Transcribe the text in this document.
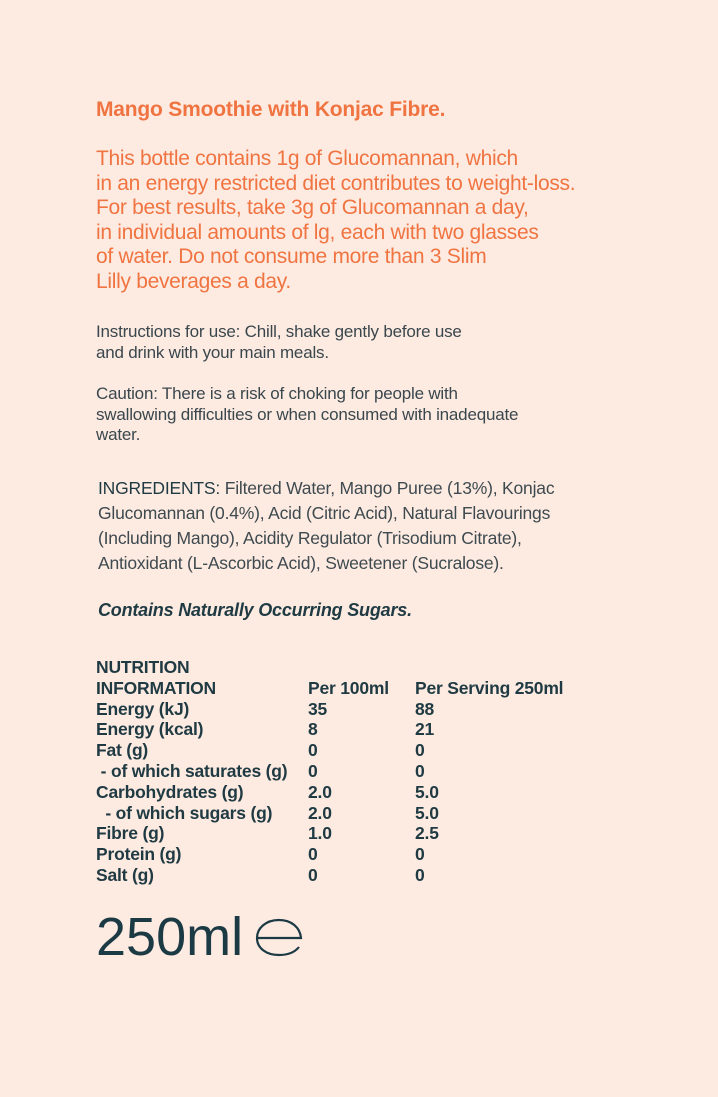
Mango Smoothie with Konjac Fibre.

This bottle contains 1g of Glucomannan, which
in an energy restricted diet contributes to weight-loss.
For best results, take 3g of Glucomannan a day,
in individual amounts of lg, each with two glasses
of water. Do not consume more than 3 Slim
Lilly beverages a day.

Instructions for use: Chill, shake gently before use
and drink with your main meals.

Caution: There is a risk of choking for people with
swallowing difficulties or when consumed with inadequate
water.

INGREDIENTS: Filtered Water, Mango Puree (13%), Konjac
Glucomannan (0.4%), Acid (Citric Acid), Natural Flavourings
(Including Mango), Acidity Regulator (Trisodium Citrate),
Antioxidant (L-Ascorbic Acid), Sweetener (Sucralose).

Contains Naturally Occurring Sugars.

NUTRITION		
INFORMATION	Per 100ml	Per Serving 250ml
Energy (kJ)	35	88
Energy (kcal)	8	21
Fat (g)	0	0
- of which saturates (g)	0	0
Carbohydrates (g)	2.0	5.0
- of which sugars (g)	2.0	5.0
Fibre (g)	1.0	2.5
Protein (g)	0	0
Salt (g)	0	0
250ml
